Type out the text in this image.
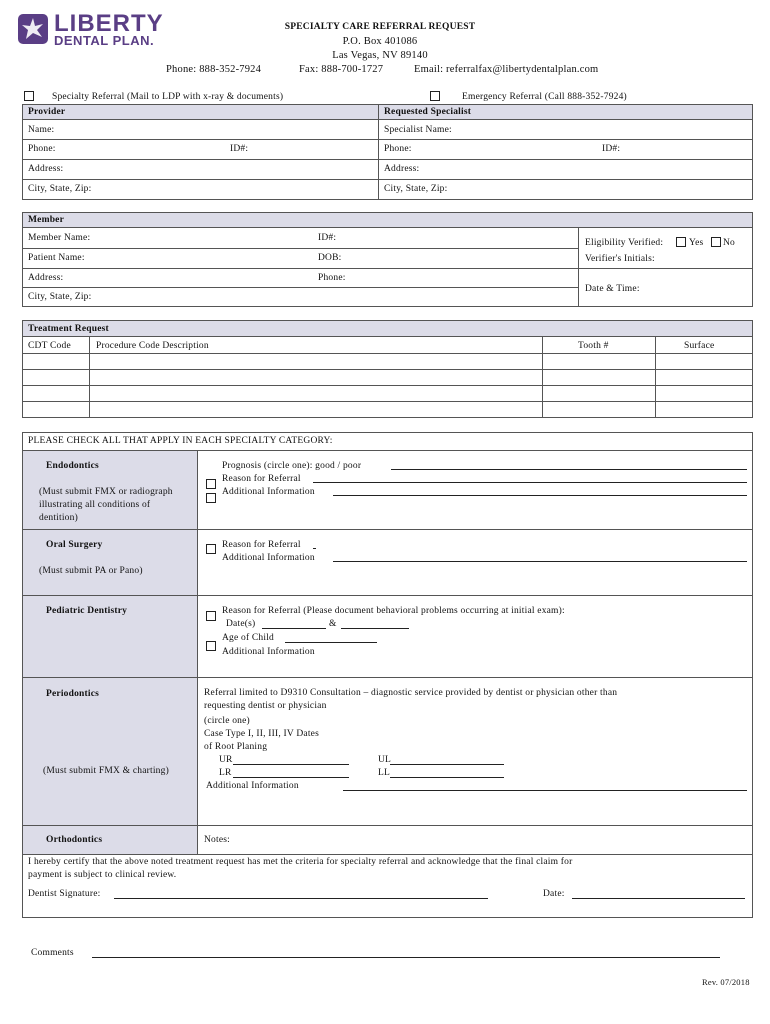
LIBERTY
DENTAL PLAN.
SPECIALTY CARE REFERRAL REQUEST
P.O. Box 401086
Las Vegas, NV 89140
Phone: 888-352-7924	Fax: 888-700-1727	Email: referralfax@libertydentalplan.com
Specialty Referral (Mail to LDP with x-ray & documents)	Emergency Referral (Call 888-352-7924)
Provider	Requested Specialist
Name:	Specialist Name:
Phone:	ID#:	Phone:	ID#:
Address:	Address:
City, State, Zip:	City, State, Zip:
Member
Member Name:	ID#:	Eligibility Verified:	Yes No
Patient Name:	DOB:	Verifier's Initials:
Address:	Phone:
Date & Time:
City, State, Zip:
Treatment Request
CDT Code	Procedure Code Description	Tooth #	Surface
PLEASE CHECK ALL THAT APPLY IN EACH SPECIALTY CATEGORY:
Endodontics
(Must submit FMX or radiograph
illustrating all conditions of
dentition)
Prognosis (circle one): good / poor
Reason for Referral
Additional Information
Oral Surgery
(Must submit PA or Pano)
Reason for Referral
Additional Information
Pediatric Dentistry	Reason for Referral (Please document behavioral problems occurring at initial exam):
Date(s)	&
Age of Child
Additional Information
Periodontics
(Must submit FMX & charting)
Referral limited to D9310 Consultation – diagnostic service provided by dentist or physician other than
requesting dentist or physician
(circle one)
Case Type I, II, III, IV Dates
of Root Planing
UR	UL
LR	LL
Additional Information
Orthodontics	Notes:
I hereby certify that the above noted treatment request has met the criteria for specialty referral and acknowledge that the final claim for
payment is subject to clinical review.
Dentist Signature:	Date:
Comments
Rev. 07/2018
